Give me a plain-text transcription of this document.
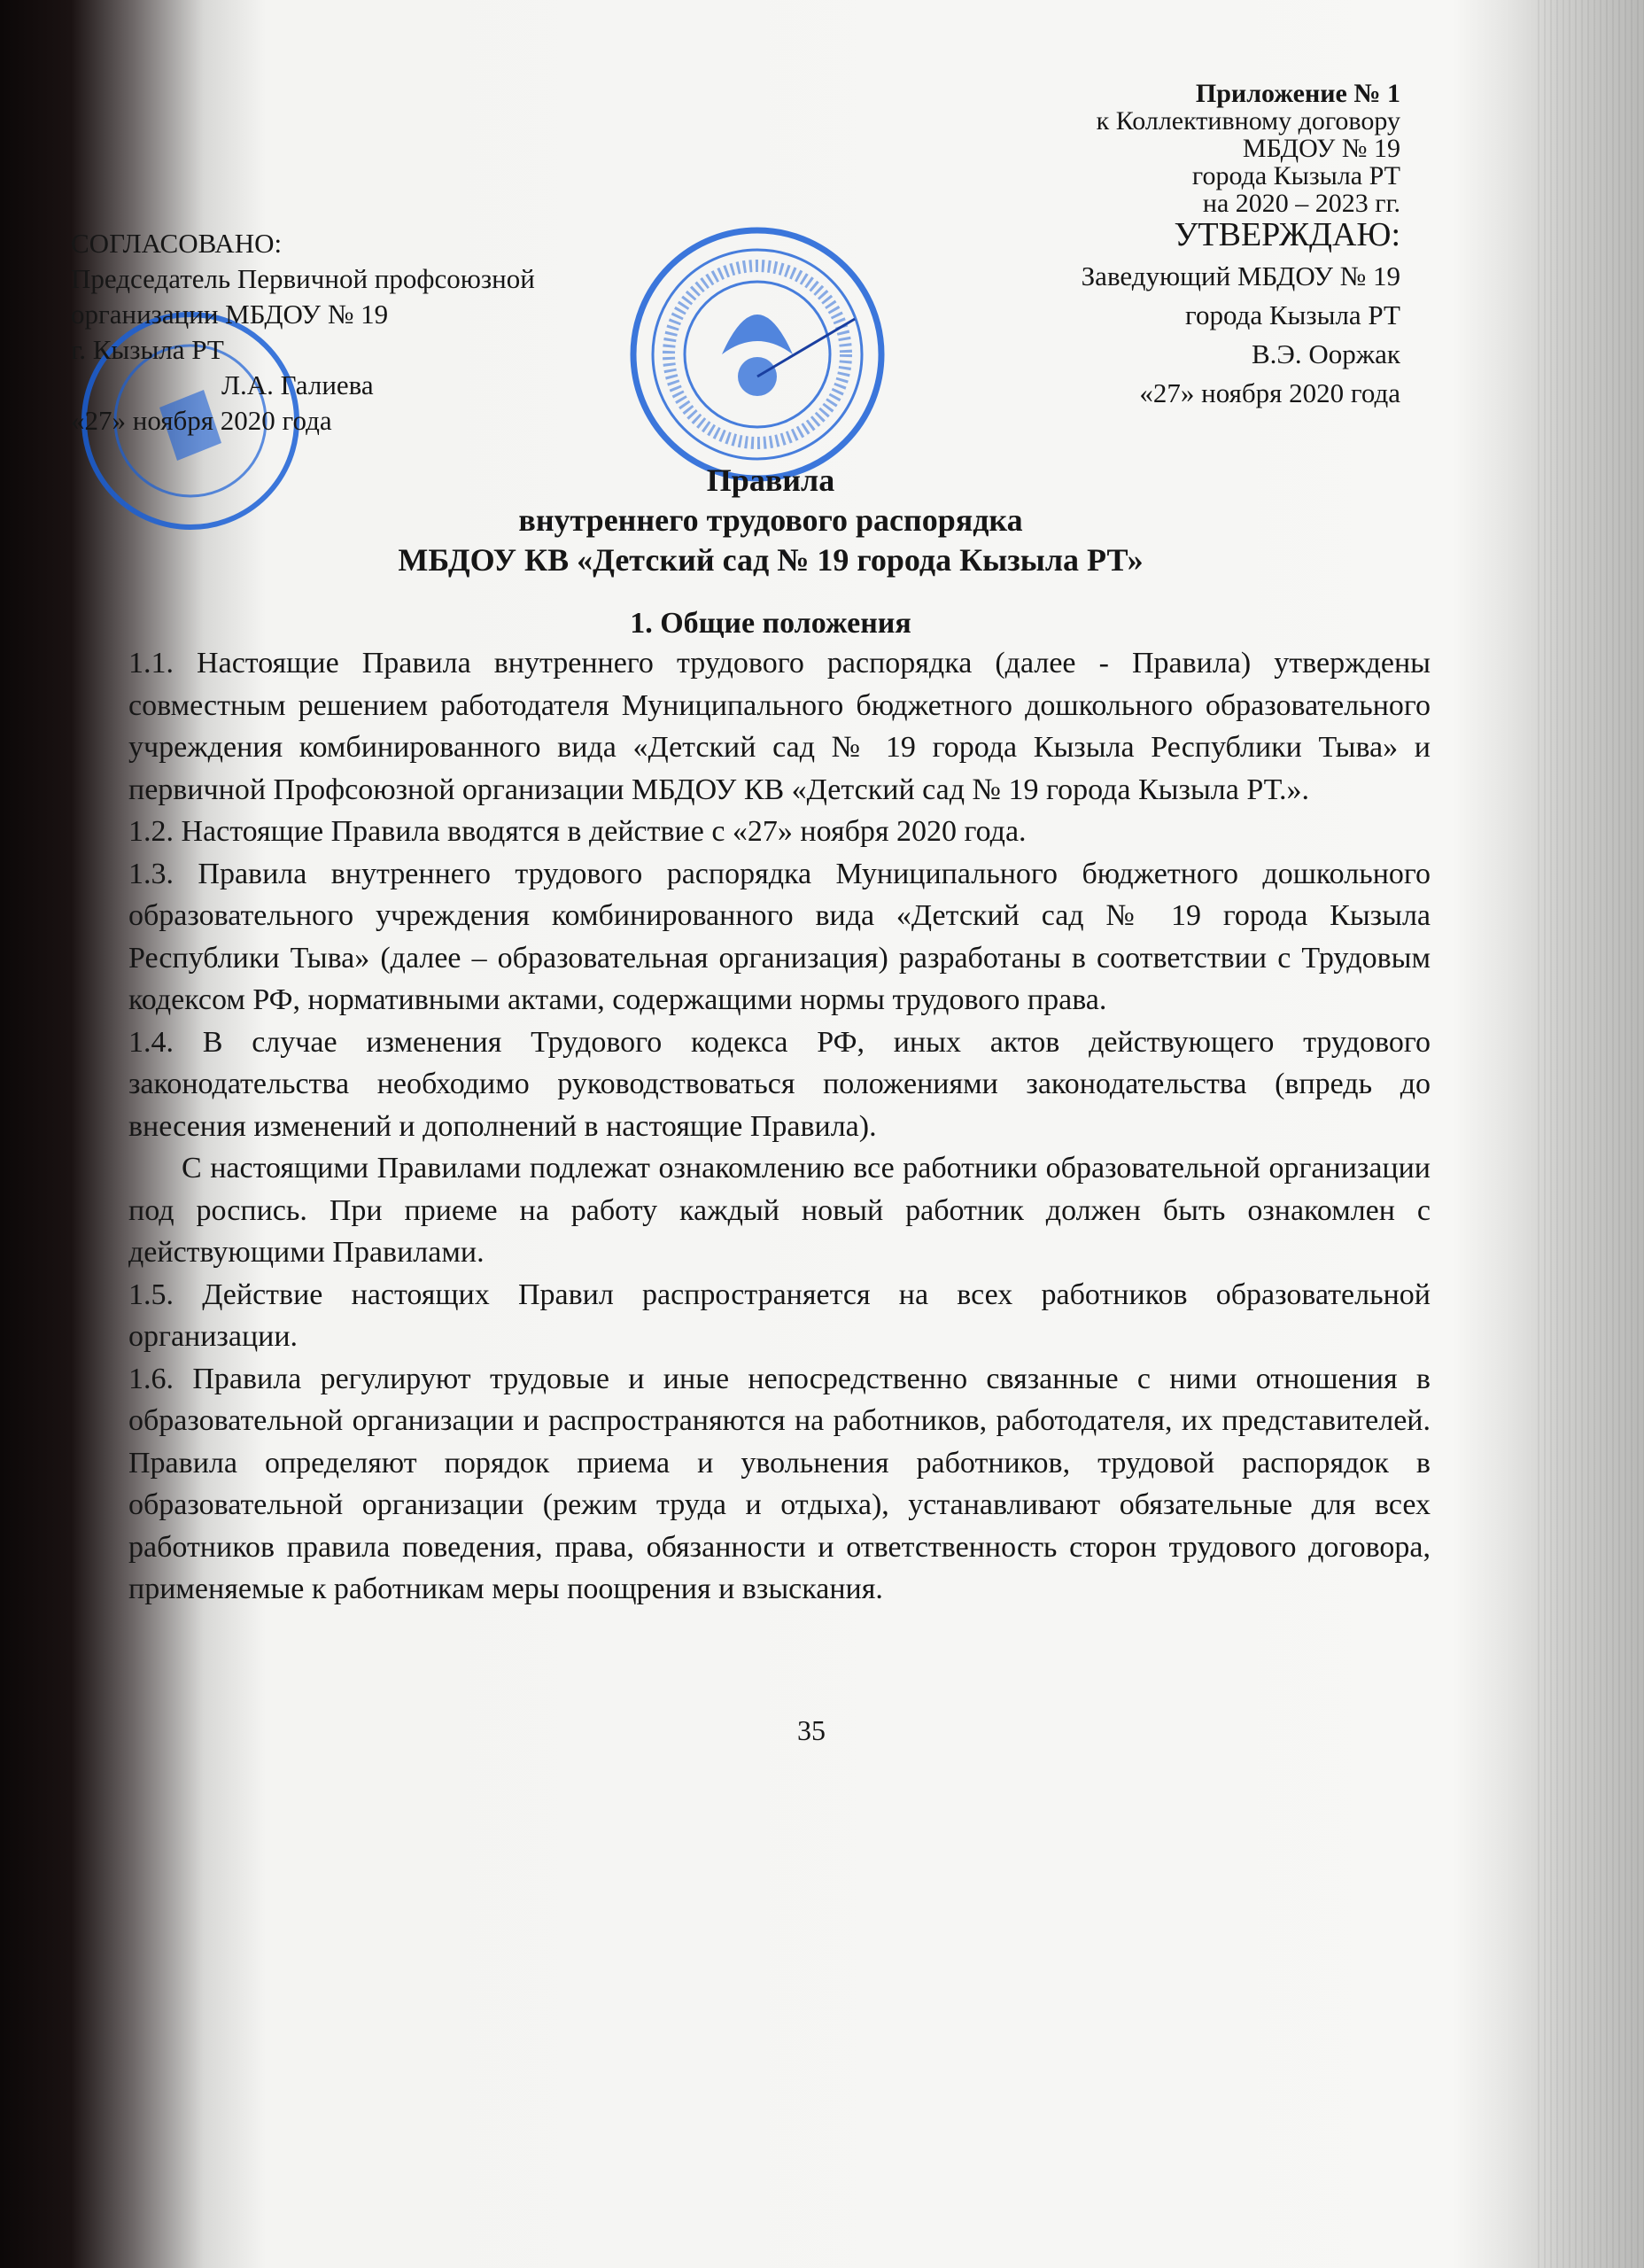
Приложение № 1
к Коллективному договору
МБДОУ № 19
города Кызыла РТ
на 2020 – 2023 гг.
УТВЕРЖДАЮ:
Заведующий МБДОУ № 19
города Кызыла РТ
В.Э. Ооржак
«27» ноября 2020 года
СОГЛАСОВАНО:
Председатель Первичной профсоюзной
организации МБДОУ № 19
г. Кызыла РТ
Л.А. Галиева
«27» ноября 2020 года
Правила
внутреннего трудового распорядка
МБДОУ КВ «Детский сад № 19 города Кызыла РТ»
1. Общие положения

1.1. Настоящие Правила внутреннего трудового распорядка (далее - Правила) утверждены совместным решением работодателя Муниципального бюджетного дошкольного образовательного учреждения комбинированного вида «Детский сад № 19 города Кызыла Республики Тыва» и первичной Профсоюзной организации МБДОУ КВ «Детский сад № 19 города Кызыла РТ.».

1.2. Настоящие Правила вводятся в действие с «27» ноября 2020 года.

1.3. Правила внутреннего трудового распорядка Муниципального бюджетного дошкольного образовательного учреждения комбинированного вида «Детский сад № 19 города Кызыла Республики Тыва» (далее – образовательная организация) разработаны в соответствии с Трудовым кодексом РФ, нормативными актами, содержащими нормы трудового права.

1.4. В случае изменения Трудового кодекса РФ, иных актов действующего трудового законодательства необходимо руководствоваться положениями законодательства (впредь до внесения изменений и дополнений в настоящие Правила).

С настоящими Правилами подлежат ознакомлению все работники образовательной организации под роспись. При приеме на работу каждый новый работник должен быть ознакомлен с действующими Правилами.

1.5. Действие настоящих Правил распространяется на всех работников образовательной организации.

1.6. Правила регулируют трудовые и иные непосредственно связанные с ними отношения в образовательной организации и распространяются на работников, работодателя, их представителей. Правила определяют порядок приема и увольнения работников, трудовой распорядок в образовательной организации (режим труда и отдыха), устанавливают обязательные для всех работников правила поведения, права, обязанности и ответственность сторон трудового договора, применяемые к работникам меры поощрения и взыскания.

35
